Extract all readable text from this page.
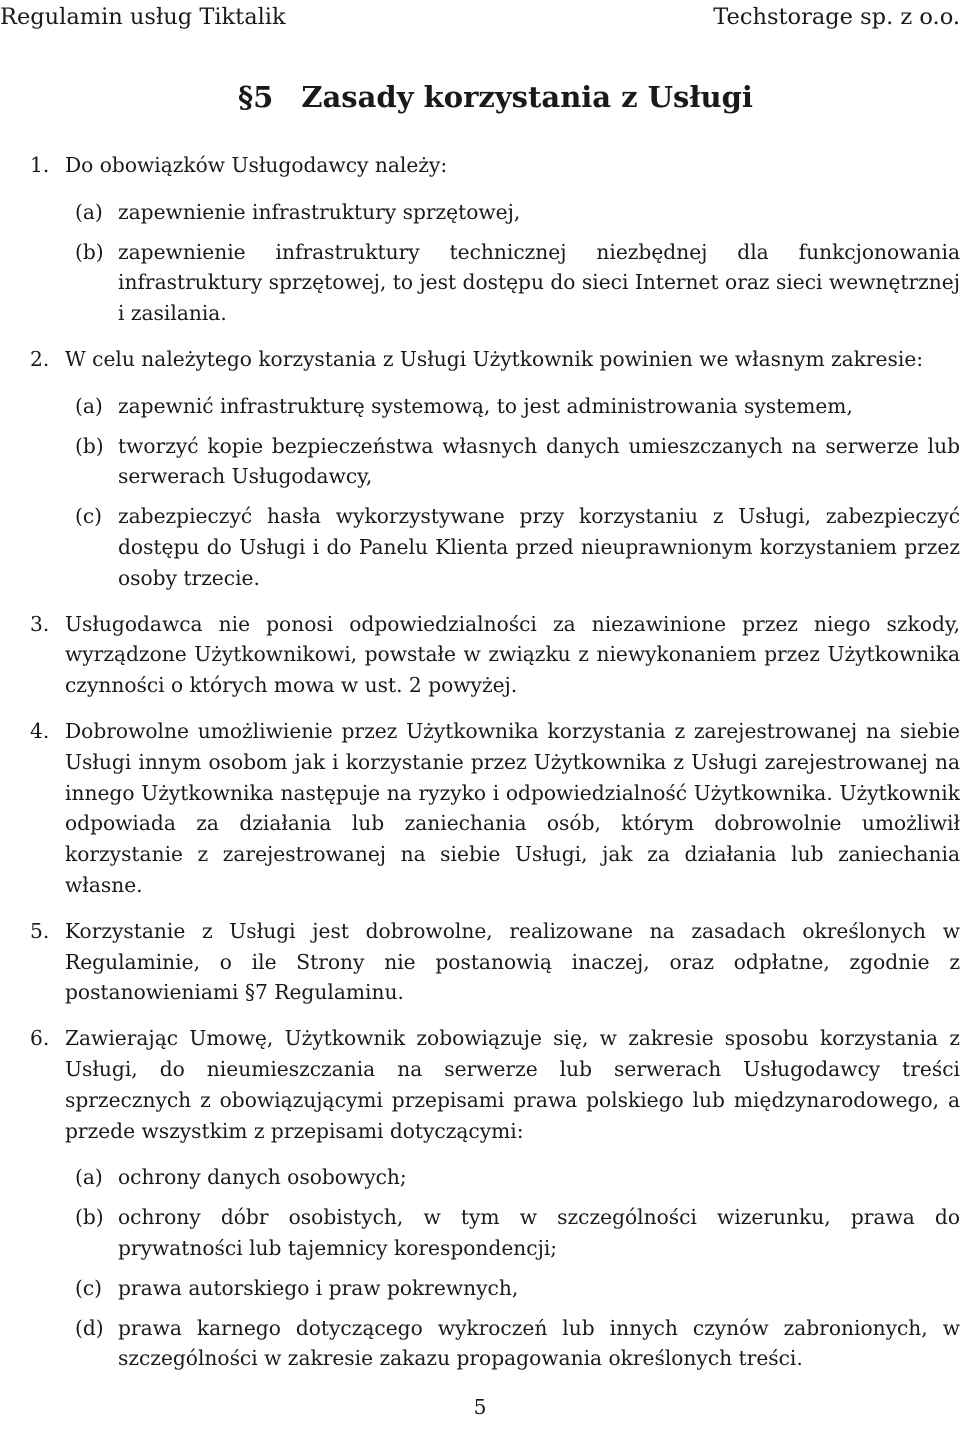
Regulamin usług Tiktalik	Techstorage sp. z o.o.
§5 Zasady korzystania z Usługi
1. Do obowiązków Usługodawcy należy:
(a) zapewnienie infrastruktury sprzętowej,
(b) zapewnienie infrastruktury technicznej niezbędnej dla funkcjonowania infrastruktury sprzętowej, to jest dostępu do sieci Internet oraz sieci wewnętrznej i zasilania.
2. W celu należytego korzystania z Usługi Użytkownik powinien we własnym zakresie:
(a) zapewnić infrastrukturę systemową, to jest administrowania systemem,
(b) tworzyć kopie bezpieczeństwa własnych danych umieszczanych na serwerze lub serwerach Usługodawcy,
(c) zabezpieczyć hasła wykorzystywane przy korzystaniu z Usługi, zabezpieczyć dostępu do Usługi i do Panelu Klienta przed nieuprawnionym korzystaniem przez osoby trzecie.
3. Usługodawca nie ponosi odpowiedzialności za niezawinione przez niego szkody, wyrządzone Użytkownikowi, powstałe w związku z niewykonaniem przez Użytkownika czynności o których mowa w ust. 2 powyżej.
4. Dobrowolne umożliwienie przez Użytkownika korzystania z zarejestrowanej na siebie Usługi innym osobom jak i korzystanie przez Użytkownika z Usługi zarejestrowanej na innego Użytkownika następuje na ryzyko i odpowiedzialność Użytkownika. Użytkownik odpowiada za działania lub zaniechania osób, którym dobrowolnie umożliwił korzystanie z zarejestrowanej na siebie Usługi, jak za działania lub zaniechania własne.
5. Korzystanie z Usługi jest dobrowolne, realizowane na zasadach określonych w Regulaminie, o ile Strony nie postanowią inaczej, oraz odpłatne, zgodnie z postanowieniami §7 Regulaminu.
6. Zawierając Umowę, Użytkownik zobowiązuje się, w zakresie sposobu korzystania z Usługi, do nieumieszczania na serwerze lub serwerach Usługodawcy treści sprzecznych z obowiązującymi przepisami prawa polskiego lub międzynarodowego, a przede wszystkim z przepisami dotyczącymi:
(a) ochrony danych osobowych;
(b) ochrony dóbr osobistych, w tym w szczególności wizerunku, prawa do prywatności lub tajemnicy korespondencji;
(c) prawa autorskiego i praw pokrewnych,
(d) prawa karnego dotyczącego wykroczeń lub innych czynów zabronionych, w szczególności w zakresie zakazu propagowania określonych treści.
5
